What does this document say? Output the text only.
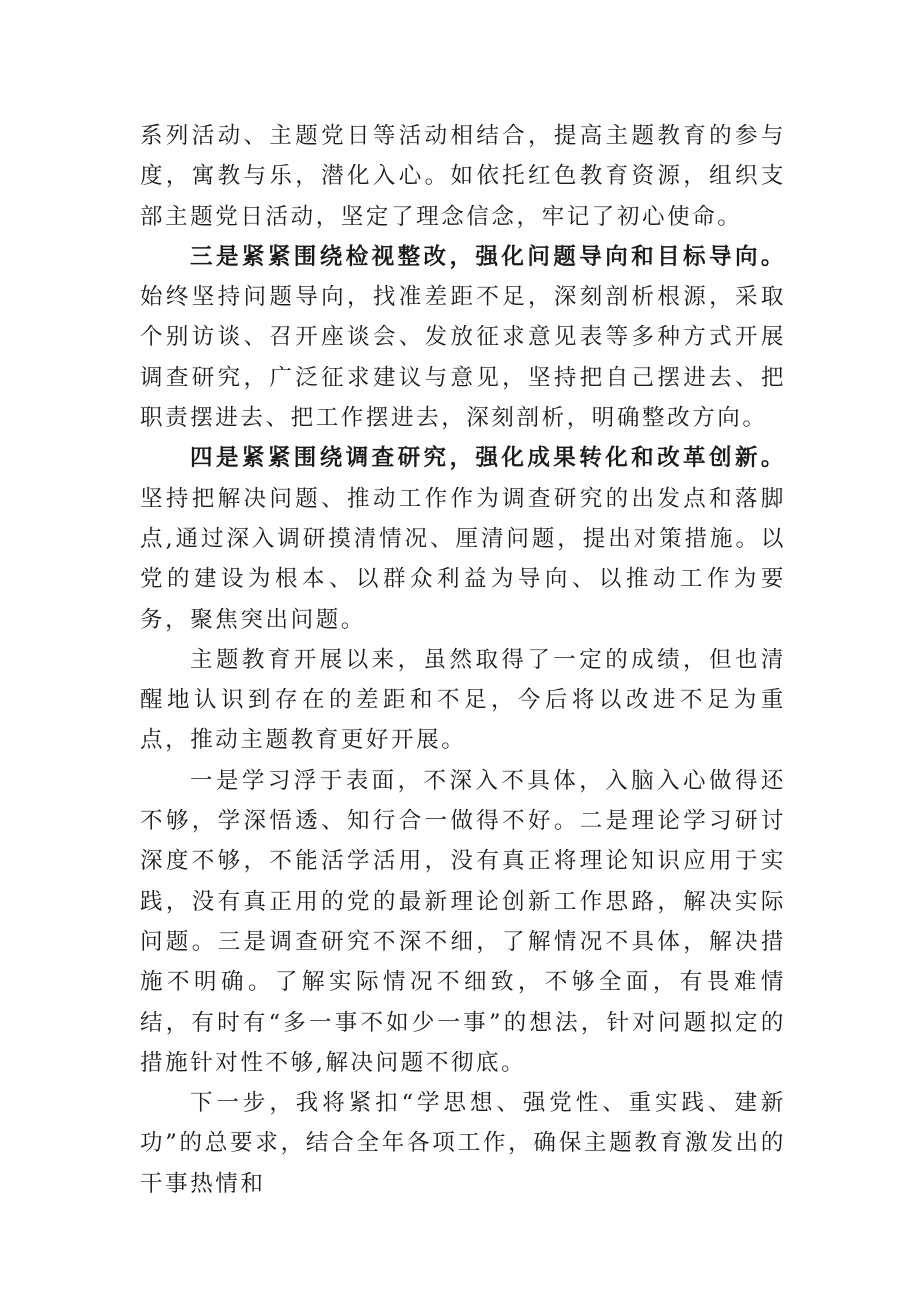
系列活动、主题党日等活动相结合，提高主题教育的参与度，寓教与乐，潜化入心。如依托红色教育资源，组织支部主题党日活动，坚定了理念信念，牢记了初心使命。

三是紧紧围绕检视整改，强化问题导向和目标导向。始终坚持问题导向，找准差距不足，深刻剖析根源，采取个别访谈、召开座谈会、发放征求意见表等多种方式开展调查研究，广泛征求建议与意见，坚持把自己摆进去、把职责摆进去、把工作摆进去，深刻剖析，明确整改方向。

四是紧紧围绕调查研究，强化成果转化和改革创新。坚持把解决问题、推动工作作为调查研究的出发点和落脚点,通过深入调研摸清情况、厘清问题，提出对策措施。以党的建设为根本、以群众利益为导向、以推动工作为要务，聚焦突出问题。

主题教育开展以来，虽然取得了一定的成绩，但也清醒地认识到存在的差距和不足，今后将以改进不足为重点，推动主题教育更好开展。

一是学习浮于表面，不深入不具体，入脑入心做得还不够，学深悟透、知行合一做得不好。二是理论学习研讨深度不够，不能活学活用，没有真正将理论知识应用于实践，没有真正用的党的最新理论创新工作思路，解决实际问题。三是调查研究不深不细，了解情况不具体，解决措施不明确。了解实际情况不细致，不够全面，有畏难情结，有时有“多一事不如少一事”的想法，针对问题拟定的措施针对性不够,解决问题不彻底。

下一步，我将紧扣“学思想、强党性、重实践、建新功”的总要求，结合全年各项工作，确保主题教育激发出的干事热情和
